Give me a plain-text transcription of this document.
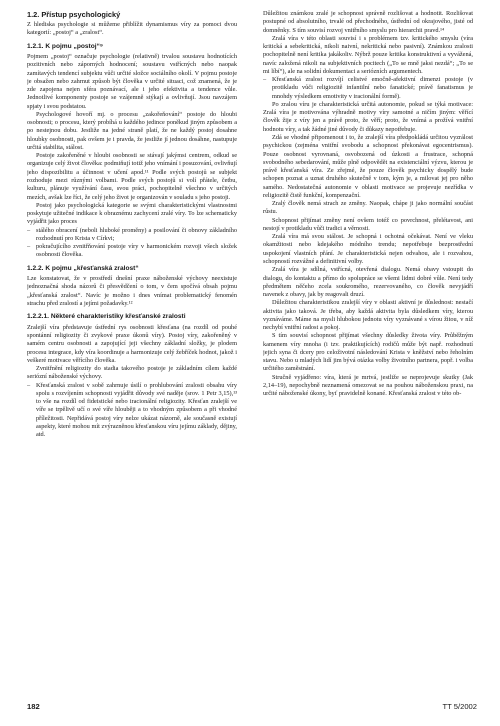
1.2. Přístup psychologický

Z hlediska psychologie si můžeme přiblížit dynamismus víry za pomoci dvou kategorií: „postoj“ a „zralost“.

1.2.1. K pojmu „postoj“⁹

Pojmem „postoj“ označuje psychologie (relativně) trvalou soustavu hodnotících pozitivních nebo záporných hodnocení; soustavu vstřícných nebo naopak zamítavých tendencí subjektu vůči určité složce sociálního okolí. V pojmu postoje je obsažen nebo zahrnut způsob být člověka v určité situaci, což znamená, že je zde zapojena nejen sféra poznávací, ale i jeho efektivita a tendence vůle. Jednotlivé komponenty postoje se vzájemně stýkají a ovlivňují. Jsou navzájem spjaty i svou podstatou.

Psychologové hovoří mj. o procesu „zakořeňování“ postoje do hloubi osobnosti; o procesu, který probíhá u každého jedince poněkud jiným způsobem a po nestejnou dobu. Jestliže na jedné straně platí, že ne každý postoj dosahne hloubky osobnosti, pak ovšem je i pravda, že jestliže jí jednou dosáhne, nastupuje určitá stabilita, stálost.

Postoje zakořeněné v hloubi osobnosti se stávají jakýmsi centrem, odkud se organizuje celý život člověka: podmiňují totiž jeho vnímání i posuzování, ovlivňují jeho dispozibilitu a účinnost v učení apod.¹¹ Podle svých postojů se subjekt rozhoduje mezi různými volbami. Podle svých postojů si volí přátele, četbu, kulturu, plánuje využívání času, svou práci, pochopitelně všechno v určitých mezích, avšak lze říci, že celý jeho život je organizován v souladu s jeho postoji.

Postoj jako psychologická kategorie se svými charakteristickými vlastnostmi poskytuje užitečné indikace k obraznému zachycení zralé víry. To lze schematicky vyjádřit jako proces

– stálého obracení (neboli hluboké proměny) a posilování či obnovy základního rozhodnutí pro Krista v Církvi;
– pokračujícího zvnitřňování postoje víry v harmonickém rozvoji všech složek osobnosti člověka.
1.2.2. K pojmu „křesťanská zralost“

Lze konstatovat, že v prostředí dnešní praxe náboženské výchovy neexistuje jednoznačná shoda názorů či přesvědčení o tom, v čem spočívá obsah pojmu „křesťanská zralost“. Navíc je možno i dnes vnímat problematický fenomén strachu před zralostí a jejími požadavky.¹²

1.2.2.1. Některé charakteristiky křesťanské zralosti

Zralejší víra představuje ústřední rys osobnosti křesťana (na rozdíl od pouhé spontánní religiozity či zvykové praxe úkonů víry). Postoj víry, zakořeněný v samém centru osobnosti a zapojující jeji všechny základní složky, je plodem procesu integrace, kdy víra koordinuje a harmonizuje celý žebříček hodnot, jakož i veškeré motivace věřícího člověka.

Zvnitřnění religiozity do stadia takového postoje je základním cílem každé seriózní náboženské výchovy.

– Křesťanská zralost v sobě zahrnuje úsilí o prohlubování zralosti obsahu víry spolu s rozvíjením schopnosti vyjádřit důvody své naděje (srov. 1 Petr 3,15),¹³ to vše na rozdíl od fideistické nebo iracionální religiozity. Křesťan zralejší ve víře se trpělivě učí o své víře hlouběji a to vhodným způsobem a při vhodné příležitosti. Nepřidává postoj víry nelze ukázat názorně, ale současně existují aspekty, které mohou mít zvýrazněnou křesťanskou víru jejímu základy, dějiny, atd.

Důležitou známkou zralé je schopnost správně rozlišovat a hodnotit. Rozlišovat postupné od absolutního, trvalé od přechodného, ústřední od okrajového, jisté od domněnky. S tím souvisí rozvoj vnitřního smyslu pro hierarchii pravd.¹⁴

Zralá víra v této oblasti souvisí i s problémem tzv. kritického smyslu (víra kritická a sebekritická, nikoli naivní, nekritická nebo pasivní). Známkou zralosti pochopitelně není kritika jakákoliv. Nýbrž pouze kritika konstruktivní a vyvážená, navíc založená nikoli na subjektivních pocitech („To se mně jaksi nezdá“; „To se mi líbí“), ale na solidní dokumentaci a seriózních argumentech.

– Křesťanská zralost rozvíjí celistvé emočně-afektivní dimenzi postoje (v protikladu vůči religiozitě infantilní nebo fanatické; právě fanatismus je mnohdy výsledkem emotivity v iracionální formě).

Po zralou víru je charakteristická určitá autonomie, pokud se týká motivace: Zralá víra je motivována výhradně motivy víry samotné a ničím jiným: věřící člověk žije z víry jen a právě proto, že věří; proto, že vnímá a prožívá vnitřní hodnotu víry, a tak žádné jiné důvody či důkazy nepotřebuje.

Zdá se vhodné připomenout i to, že zralejší víra předpokládá určitou vyzrálost psychickou (zejména vnitřní svobodu a schopnost překonávat egocentrismus). Pouze osobnost vyrovnaná, osvobozená od úzkosti a frustrace, schopná svobodného sebedarování, může plně odpovědět na existenciální výzvu, kterou je právě křesťanská víra. Ze zřejmé, že pouze člověk psychicky dospělý bude schopen poznat a uznat druhého skutečně v tom, kým je, a milovat jej pro něho samého. Nedostatečná autonomie v oblasti motivace se projevuje nezřídka v religiozitě čistě funkční, kompenzační.

Zralý člověk nemá strach ze změny. Naopak, chápe ji jako normální součást růstu.

Schopnost přijímat změny není ovšem totéž co povrchnost, přelétavost, ani nestojí v protikladu vůči tradici a věrnosti.

Zralá víra má svou stálost. Je schopná i ochotná očekávat. Není ve vleku okamžitosti nebo kdejakého módního trendu; nepotřebuje bezprostřední uspokojení vlastních přání. Je charakteristická nejen odvahou, ale i rozvahou, schopností rozvážné a definitivní volby.

Zralá víra je sdílná, vstřícná, otevřená dialogu. Nemá obavy vstoupit do dialogu, do kontaktu a přímo do spolupráce se všemi lidmi dobré vůle. Není tedy předmětem něčeho zcela soukromého, rezervovaného, co člověk nevyjádří navenek z obavy, jak by reagovali druzí.

Důležitou charakteristikou zralejší víry v oblasti aktivní je důslednost: nestačí aktivita jako taková. Je třeba, aby každá aktivita byla důsledkem víry, kterou vyznáváme. Máme na mysli hlubokou jednotu víry vyznávané s vírou žitou, v níž nechybí vnitřní radost a pokoj.

S tím souvisí schopnost přijímat všechny důsledky života víry. Průběžným kamenem víry mnoha (i tzv. praktikujících) rodičů může být např. rozhodnutí jejich syna či dcery pro celoživotní následování Krista v kněžství nebo řeholním stavu. Nebo u mladých lidí jim bývá otázka volby životního partnera, popř. i volba určitého zaměstnání.

Stručně vyjádřeno: víra, která je mrtvá, jestliže se neprojevuje skutky (Jak 2,14–19), nepochybně neznamená omezovat se na pouhou náboženskou praxi, na určité náboženské úkony, byť pravidelně konané. Křesťanská zralost v této ob-

182	TT 5/2002
